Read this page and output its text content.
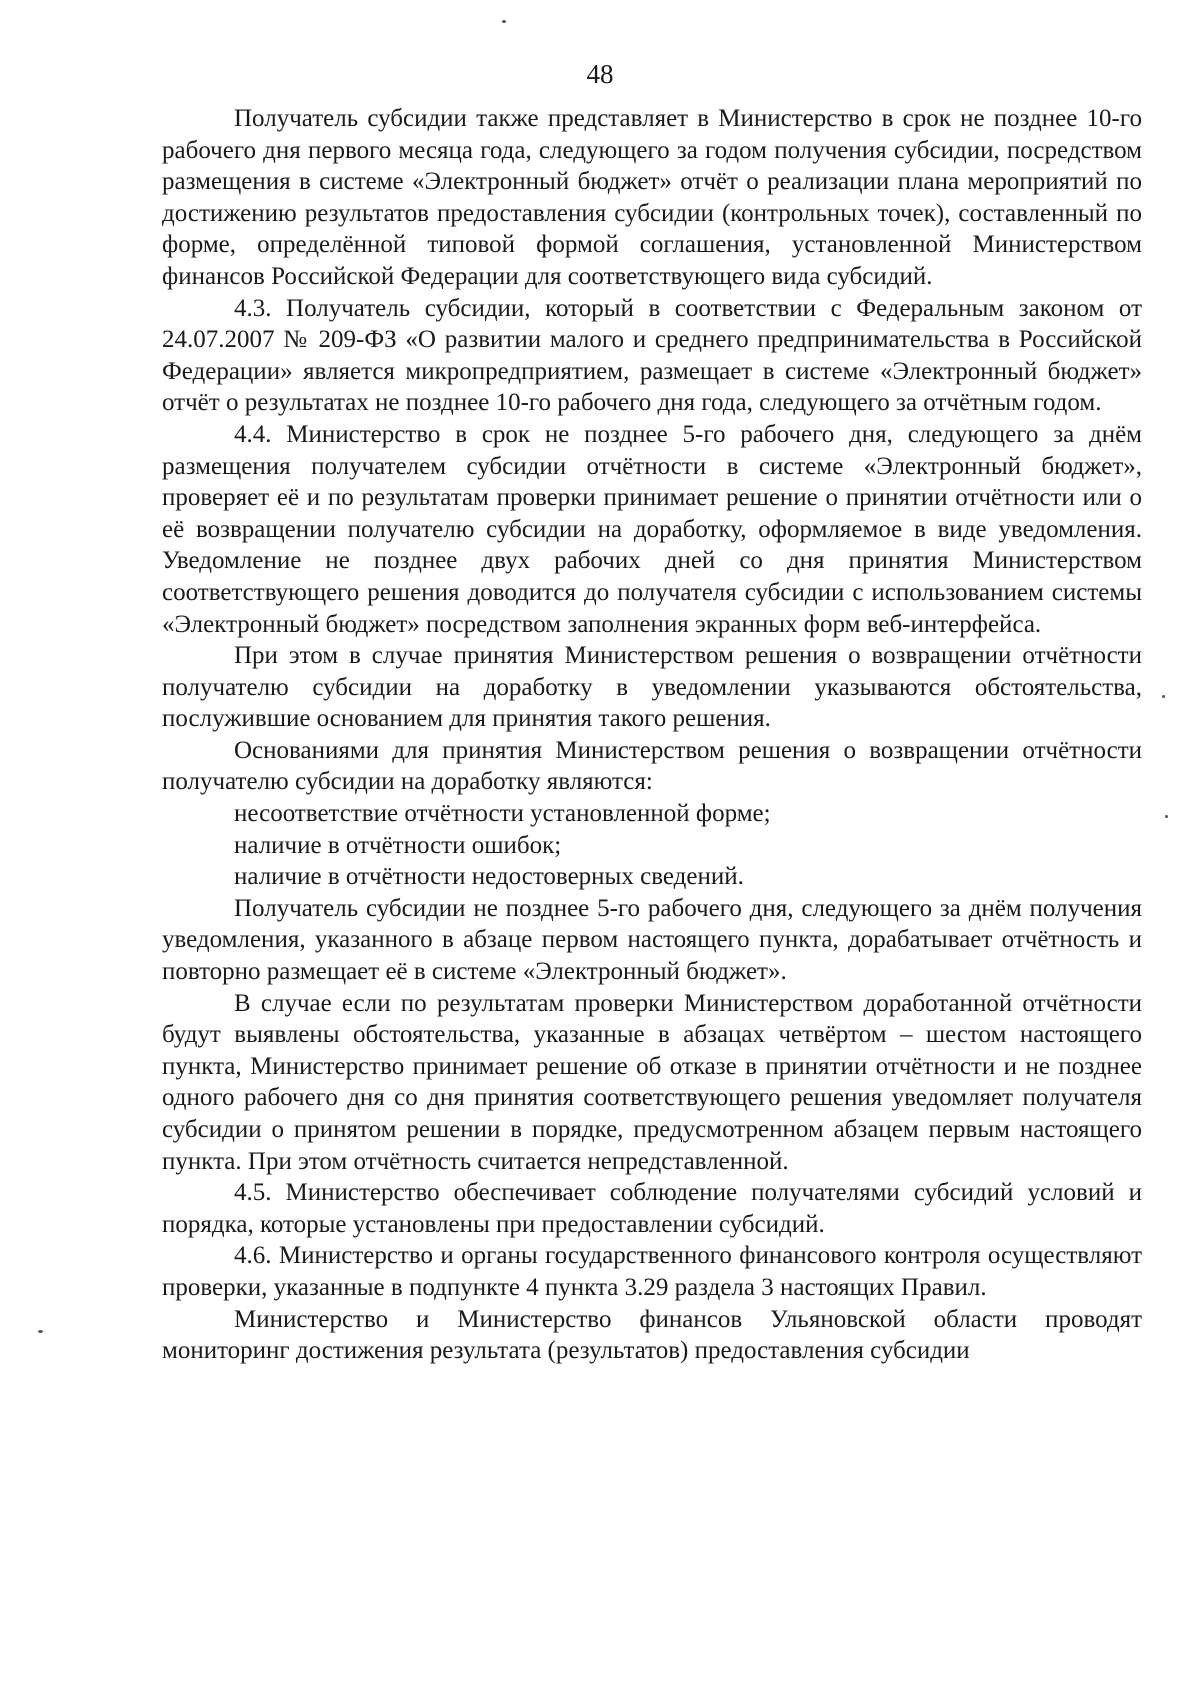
48

Получатель субсидии также представляет в Министерство в срок не позднее 10-го рабочего дня первого месяца года, следующего за годом получения субсидии, посредством размещения в системе «Электронный бюджет» отчёт о реализации плана мероприятий по достижению результатов предоставления субсидии (контрольных точек), составленный по форме, определённой типовой формой соглашения, установленной Министерством финансов Российской Федерации для соответствующего вида субсидий.

4.3. Получатель субсидии, который в соответствии с Федеральным законом от 24.07.2007 № 209-ФЗ «О развитии малого и среднего предпринимательства в Российской Федерации» является микропредприятием, размещает в системе «Электронный бюджет» отчёт о результатах не позднее 10-го рабочего дня года, следующего за отчётным годом.

4.4. Министерство в срок не позднее 5-го рабочего дня, следующего за днём размещения получателем субсидии отчётности в системе «Электронный бюджет», проверяет её и по результатам проверки принимает решение о принятии отчётности или о её возвращении получателю субсидии на доработку, оформляемое в виде уведомления. Уведомление не позднее двух рабочих дней со дня принятия Министерством соответствующего решения доводится до получателя субсидии с использованием системы «Электронный бюджет» посредством заполнения экранных форм веб-интерфейса.

При этом в случае принятия Министерством решения о возвращении отчётности получателю субсидии на доработку в уведомлении указываются обстоятельства, послужившие основанием для принятия такого решения.

Основаниями для принятия Министерством решения о возвращении отчётности получателю субсидии на доработку являются:

несоответствие отчётности установленной форме;

наличие в отчётности ошибок;

наличие в отчётности недостоверных сведений.

Получатель субсидии не позднее 5-го рабочего дня, следующего за днём получения уведомления, указанного в абзаце первом настоящего пункта, дорабатывает отчётность и повторно размещает её в системе «Электронный бюджет».

В случае если по результатам проверки Министерством доработанной отчётности будут выявлены обстоятельства, указанные в абзацах четвёртом – шестом настоящего пункта, Министерство принимает решение об отказе в принятии отчётности и не позднее одного рабочего дня со дня принятия соответствующего решения уведомляет получателя субсидии о принятом решении в порядке, предусмотренном абзацем первым настоящего пункта. При этом отчётность считается непредставленной.

4.5. Министерство обеспечивает соблюдение получателями субсидий условий и порядка, которые установлены при предоставлении субсидий.

4.6. Министерство и органы государственного финансового контроля осуществляют проверки, указанные в подпункте 4 пункта 3.29 раздела 3 настоящих Правил.

Министерство и Министерство финансов Ульяновской области проводят мониторинг достижения результата (результатов) предоставления субсидии
